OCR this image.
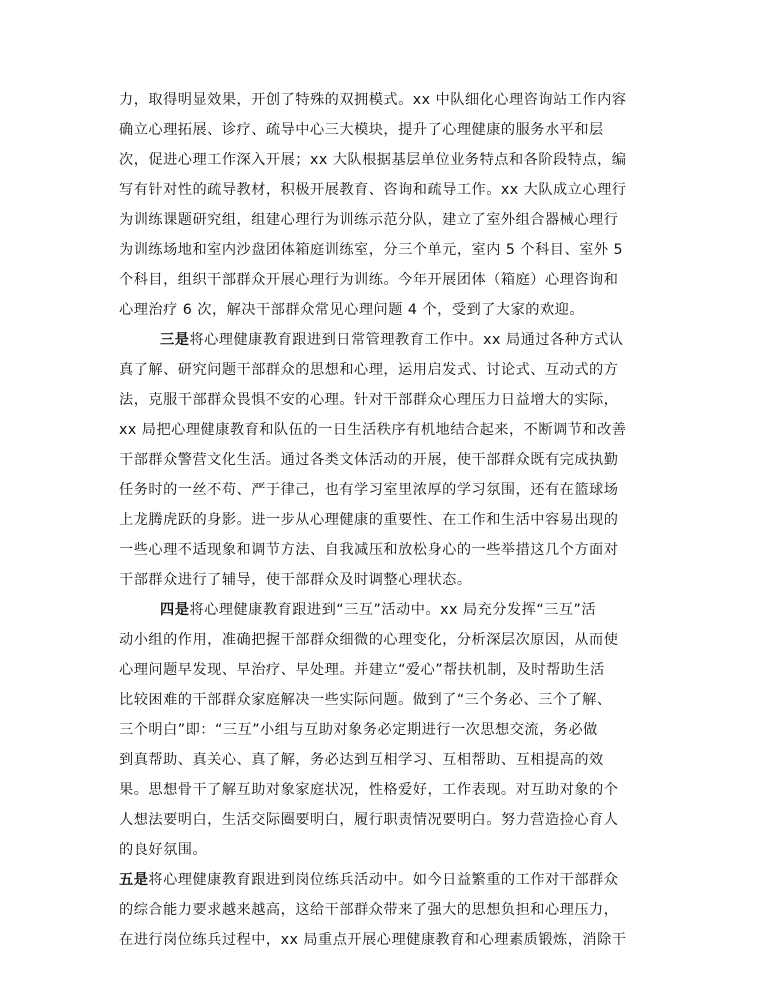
力，取得明显效果，开创了特殊的双拥模式。xx 中队细化心理咨询站工作内容
确立心理拓展、诊疗、疏导中心三大模块，提升了心理健康的服务水平和层
次，促进心理工作深入开展；xx 大队根据基层单位业务特点和各阶段特点，编
写有针对性的疏导教材，积极开展教育、咨询和疏导工作。xx 大队成立心理行
为训练课题研究组，组建心理行为训练示范分队，建立了室外组合器械心理行
为训练场地和室内沙盘团体箱庭训练室，分三个单元，室内 5 个科目、室外 5
个科目，组织干部群众开展心理行为训练。今年开展团体（箱庭）心理咨询和
心理治疗 6 次，解决干部群众常见心理问题 4 个，受到了大家的欢迎。
三是将心理健康教育跟进到日常管理教育工作中。xx 局通过各种方式认
真了解、研究问题干部群众的思想和心理，运用启发式、讨论式、互动式的方
法，克服干部群众畏惧不安的心理。针对干部群众心理压力日益增大的实际，
xx 局把心理健康教育和队伍的一日生活秩序有机地结合起来，不断调节和改善
干部群众警营文化生活。通过各类文体活动的开展，使干部群众既有完成执勤
任务时的一丝不苟、严于律己，也有学习室里浓厚的学习氛围，还有在篮球场
上龙腾虎跃的身影。进一步从心理健康的重要性、在工作和生活中容易出现的
一些心理不适现象和调节方法、自我减压和放松身心的一些举措这几个方面对
干部群众进行了辅导，使干部群众及时调整心理状态。
四是将心理健康教育跟进到“三互”活动中。xx 局充分发挥“三互”活
动小组的作用，准确把握干部群众细微的心理变化，分析深层次原因，从而使
心理问题早发现、早治疗、早处理。并建立“爱心”帮扶机制，及时帮助生活
比较困难的干部群众家庭解决一些实际问题。做到了“三个务必、三个了解、
三个明白”即：“三互”小组与互助对象务必定期进行一次思想交流，务必做
到真帮助、真关心、真了解，务必达到互相学习、互相帮助、互相提高的效
果。思想骨干了解互助对象家庭状况，性格爱好，工作表现。对互助对象的个
人想法要明白，生活交际圈要明白，履行职责情况要明白。努力营造捡心育人
的良好氛围。
五是将心理健康教育跟进到岗位练兵活动中。如今日益繁重的工作对干部群众
的综合能力要求越来越高，这给干部群众带来了强大的思想负担和心理压力，
在进行岗位练兵过程中，xx 局重点开展心理健康教育和心理素质锻炼，消除干
